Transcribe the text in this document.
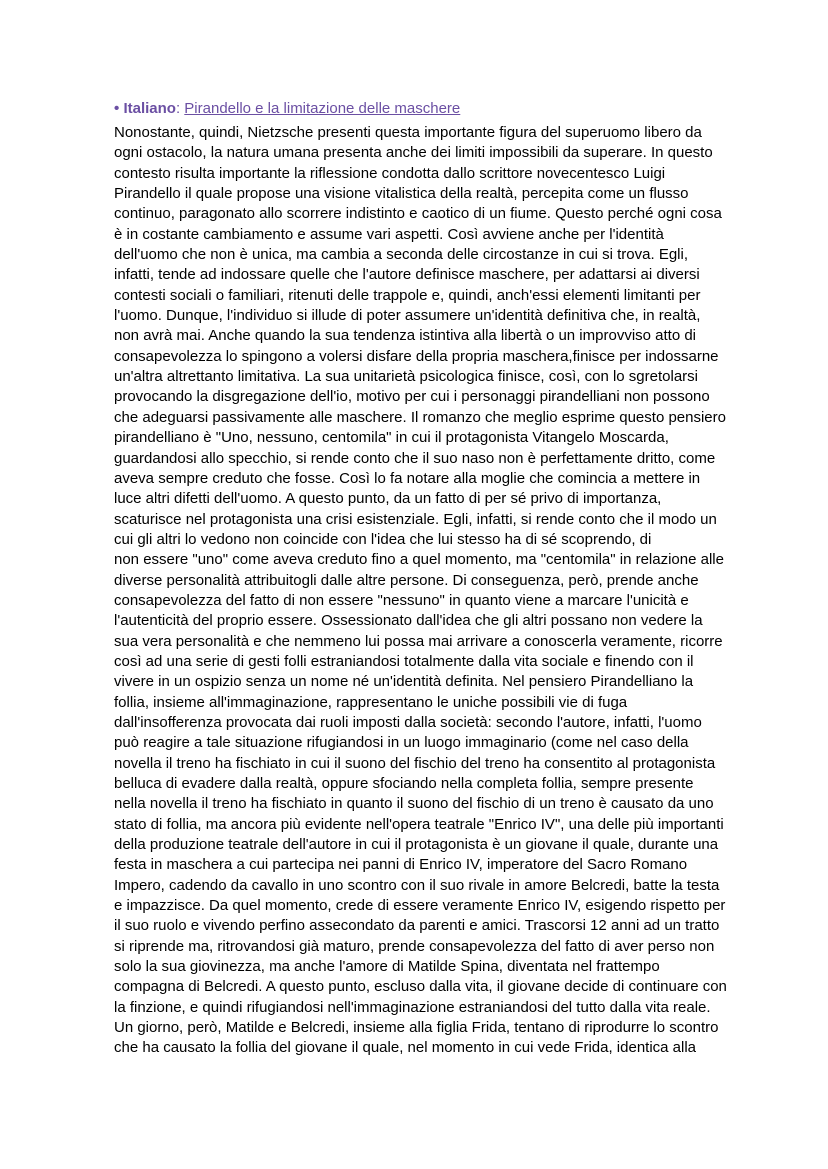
• Italiano: Pirandello e la limitazione delle maschere
Nonostante, quindi, Nietzsche presenti questa importante figura del superuomo libero da
ogni ostacolo, la natura umana presenta anche dei limiti impossibili da superare. In questo
contesto risulta importante la riflessione condotta dallo scrittore novecentesco Luigi
Pirandello il quale propose una visione vitalistica della realtà, percepita come un flusso
continuo, paragonato allo scorrere indistinto e caotico di un fiume. Questo perché ogni cosa
è in costante cambiamento e assume vari aspetti. Così avviene anche per l'identità
dell'uomo che non è unica, ma cambia a seconda delle circostanze in cui si trova. Egli,
infatti, tende ad indossare quelle che l'autore definisce maschere, per adattarsi ai diversi
contesti sociali o familiari, ritenuti delle trappole e, quindi, anch'essi elementi limitanti per
l'uomo. Dunque, l'individuo si illude di poter assumere un'identità definitiva che, in realtà,
non avrà mai. Anche quando la sua tendenza istintiva alla libertà o un improvviso atto di
consapevolezza lo spingono a volersi disfare della propria maschera,finisce per indossarne
un'altra altrettanto limitativa. La sua unitarietà psicologica finisce, così, con lo sgretolarsi
provocando la disgregazione dell'io, motivo per cui i personaggi pirandelliani non possono
che adeguarsi passivamente alle maschere. Il romanzo che meglio esprime questo pensiero
pirandelliano è "Uno, nessuno, centomila" in cui il protagonista Vitangelo Moscarda,
guardandosi allo specchio, si rende conto che il suo naso non è perfettamente dritto, come
aveva sempre creduto che fosse. Così lo fa notare alla moglie che comincia a mettere in
luce altri difetti dell'uomo. A questo punto, da un fatto di per sé privo di importanza,
scaturisce nel protagonista una crisi esistenziale. Egli, infatti, si rende conto che il modo un
cui gli altri lo vedono non coincide con l'idea che lui stesso ha di sé scoprendo, di
non essere "uno" come aveva creduto fino a quel momento, ma "centomila" in relazione alle
diverse personalità attribuitogli dalle altre persone. Di conseguenza, però, prende anche
consapevolezza del fatto di non essere "nessuno" in quanto viene a marcare l'unicità e
l'autenticità del proprio essere. Ossessionato dall'idea che gli altri possano non vedere la
sua vera personalità e che nemmeno lui possa mai arrivare a conoscerla veramente, ricorre
così ad una serie di gesti folli estraniandosi totalmente dalla vita sociale e finendo con il
vivere in un ospizio senza un nome né un'identità definita. Nel pensiero Pirandelliano la
follia, insieme all'immaginazione, rappresentano le uniche possibili vie di fuga
dall'insofferenza provocata dai ruoli imposti dalla società: secondo l'autore, infatti, l'uomo
può reagire a tale situazione rifugiandosi in un luogo immaginario (come nel caso della
novella il treno ha fischiato in cui il suono del fischio del treno ha consentito al protagonista
belluca di evadere dalla realtà, oppure sfociando nella completa follia, sempre presente
nella novella il treno ha fischiato in quanto il suono del fischio di un treno è causato da uno
stato di follia, ma ancora più evidente nell'opera teatrale "Enrico IV", una delle più importanti
della produzione teatrale dell'autore in cui il protagonista è un giovane il quale, durante una
festa in maschera a cui partecipa nei panni di Enrico IV, imperatore del Sacro Romano
Impero, cadendo da cavallo in uno scontro con il suo rivale in amore Belcredi, batte la testa
e impazzisce. Da quel momento, crede di essere veramente Enrico IV, esigendo rispetto per
il suo ruolo e vivendo perfino assecondato da parenti e amici. Trascorsi 12 anni ad un tratto
si riprende ma, ritrovandosi già maturo, prende consapevolezza del fatto di aver perso non
solo la sua giovinezza, ma anche l'amore di Matilde Spina, diventata nel frattempo
compagna di Belcredi. A questo punto, escluso dalla vita, il giovane decide di continuare con
la finzione, e quindi rifugiandosi nell'immaginazione estraniandosi del tutto dalla vita reale.
Un giorno, però, Matilde e Belcredi, insieme alla figlia Frida, tentano di riprodurre lo scontro
che ha causato la follia del giovane il quale, nel momento in cui vede Frida, identica alla
